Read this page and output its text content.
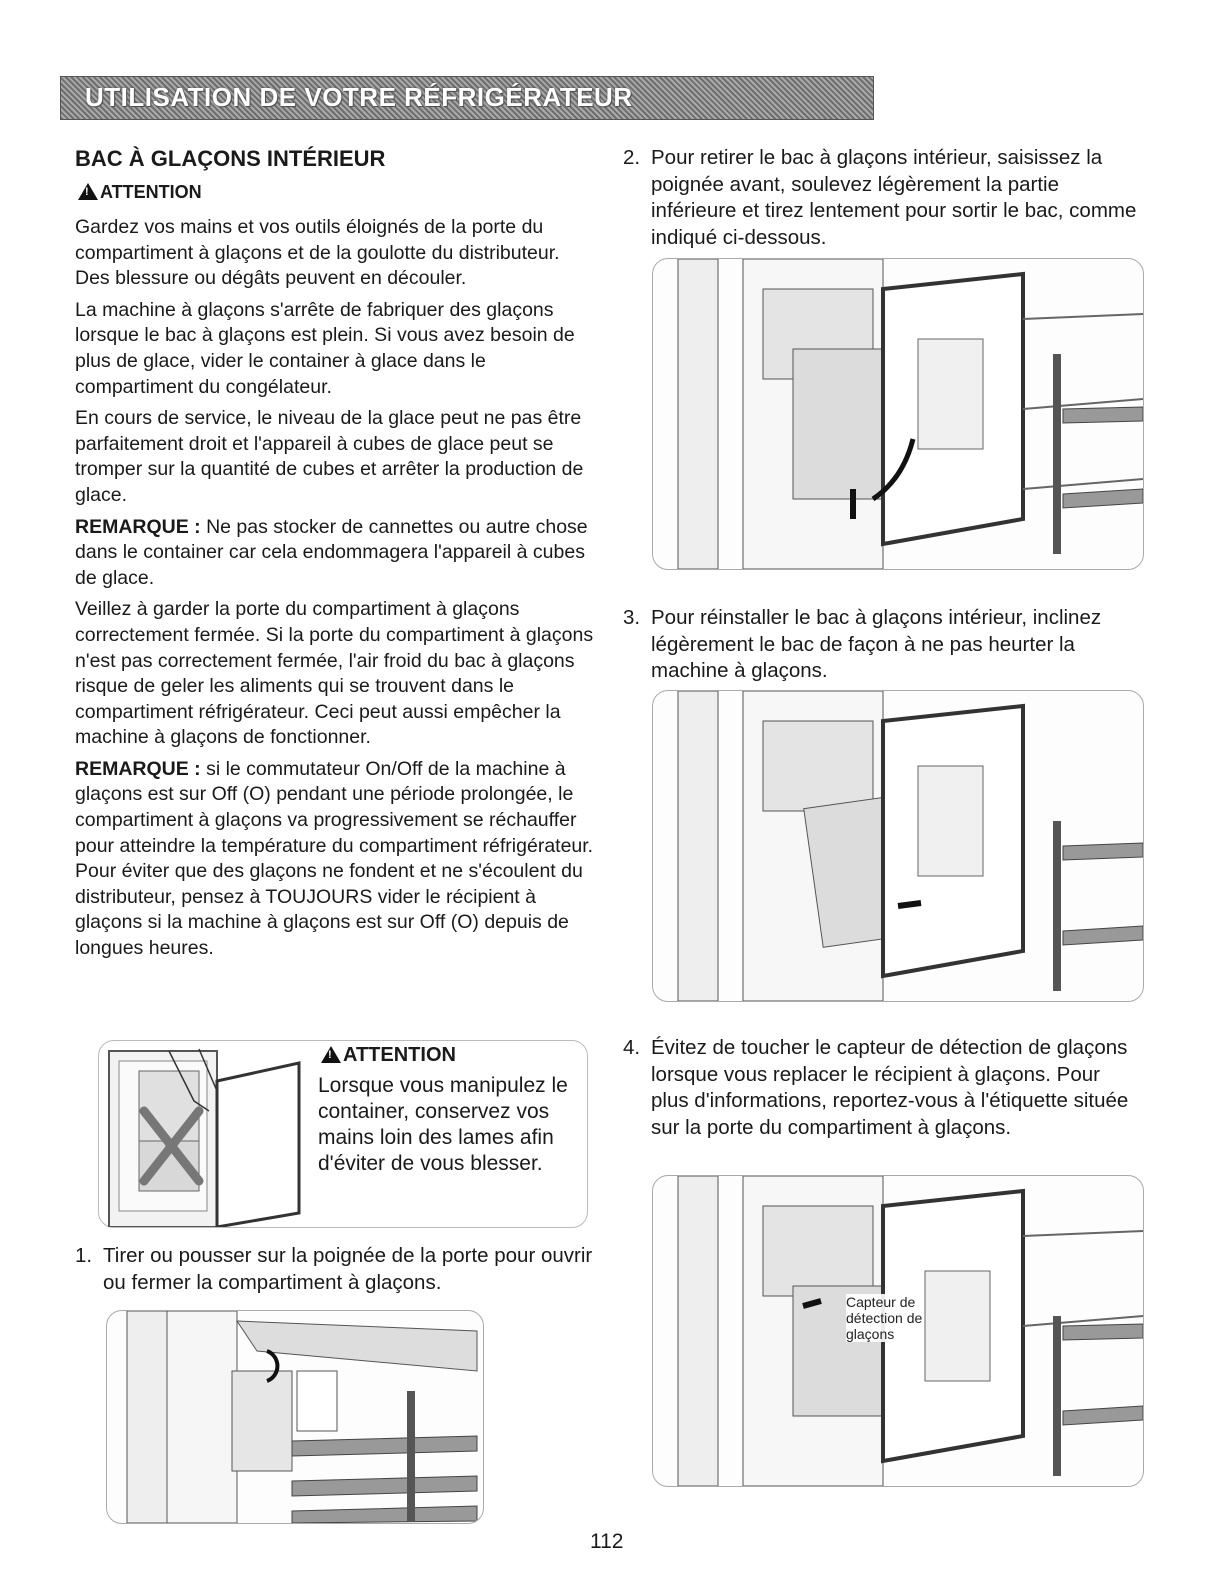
UTILISATION DE VOTRE RÉFRIGÉRATEUR
BAC À GLAÇONS INTÉRIEUR
!ATTENTION

Gardez vos mains et vos outils éloignés de la porte du compartiment à glaçons et de la goulotte du distributeur. Des blessure ou dégâts peuvent en découler.

La machine à glaçons s'arrête de fabriquer des glaçons lorsque le bac à glaçons est plein. Si vous avez besoin de plus de glace, vider le container à glace dans le compartiment du congélateur.

En cours de service, le niveau de la glace peut ne pas être parfaitement droit et l'appareil à cubes de glace peut se tromper sur la quantité de cubes et arrêter la production de glace.

REMARQUE : Ne pas stocker de cannettes ou autre chose dans le container car cela endommagera l'appareil à cubes de glace.

Veillez à garder la porte du compartiment à glaçons correctement fermée. Si la porte du compartiment à glaçons n'est pas correctement fermée, l'air froid du bac à glaçons risque de geler les aliments qui se trouvent dans le compartiment réfrigérateur. Ceci peut aussi empêcher la machine à glaçons de fonctionner.

REMARQUE : si le commutateur On/Off de la machine à glaçons est sur Off (O) pendant une période prolongée, le compartiment à glaçons va progressivement se réchauffer pour atteindre la température du compartiment réfrigérateur. Pour éviter que des glaçons ne fondent et ne s'écoulent du distributeur, pensez à TOUJOURS vider le récipient à glaçons si la machine à glaçons est sur Off (O) depuis de longues heures.

!ATTENTION
Lorsque vous manipulez le container, conservez vos mains loin des lames afin d'éviter de vous blesser.
1. Tirer ou pousser sur la poignée de la porte pour ouvrir ou fermer la compartiment à glaçons.
2. Pour retirer le bac à glaçons intérieur, saisissez la poignée avant, soulevez légèrement la partie inférieure et tirez lentement pour sortir le bac, comme indiqué ci-dessous.
3. Pour réinstaller le bac à glaçons intérieur, inclinez légèrement le bac de façon à ne pas heurter la machine à glaçons.
4. Évitez de toucher le capteur de détection de glaçons lorsque vous replacer le récipient à glaçons. Pour plus d'informations, reportez-vous à l'étiquette située sur la porte du compartiment à glaçons.
Capteur de
détection de
glaçons
112
